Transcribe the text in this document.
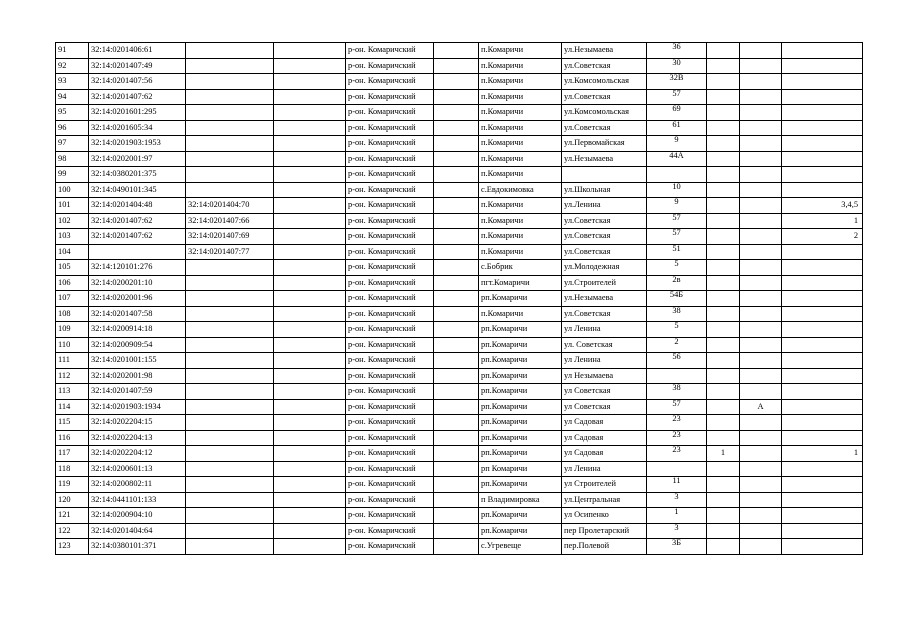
91	32:14:0201406:61			р-он. Комаричский		п.Комаричи	ул.Незымаева	36			
92	32:14:0201407:49			р-он. Комаричский		п.Комаричи	ул.Советская	30			
93	32:14:0201407:56			р-он. Комаричский		п.Комаричи	ул.Комсомольская	32В			
94	32:14:0201407:62			р-он. Комаричский		п.Комаричи	ул.Советская	57			
95	32:14:0201601:295			р-он. Комаричский		п.Комаричи	ул.Комсомольская	69			
96	32:14:0201605:34			р-он. Комаричский		п.Комаричи	ул.Советская	61			
97	32:14:0201903:1953			р-он. Комаричский		п.Комаричи	ул.Первомайская	9			
98	32:14:0202001:97			р-он. Комаричский		п.Комаричи	ул.Незымаева	44А			
99	32:14:0380201:375			р-он. Комаричский		п.Комаричи					
100	32:14:0490101:345			р-он. Комаричский		с.Евдокимовка	ул.Школьная	10			
101	32:14:0201404:48	32:14:0201404:70		р-он. Комаричский		п.Комаричи	ул.Ленина	9			3,4,5
102	32:14:0201407:62	32:14:0201407:66		р-он. Комаричский		п.Комаричи	ул.Советская	57			1
103	32:14:0201407:62	32:14:0201407:69		р-он. Комаричский		п.Комаричи	ул.Советская	57			2
104		32:14:0201407:77		р-он. Комаричский		п.Комаричи	ул.Советская	51			
105	32:14:120101:276			р-он. Комаричский		с.Бобрик	ул.Молодежная	5			
106	32:14:0200201:10			р-он. Комаричский		пгт.Комаричи	ул.Строителей	2в			
107	32:14:0202001:96			р-он. Комаричский		рп.Комаричи	ул.Незымаева	54Б			
108	32:14:0201407:58			р-он. Комаричский		п.Комаричи	ул.Советская	38			
109	32:14:0200914:18			р-он. Комаричский		рп.Комаричи	ул Ленина	5			
110	32:14:0200909:54			р-он. Комаричский		рп.Комаричи	ул. Советская	2			
111	32:14:0201001:155			р-он. Комаричский		рп.Комаричи	ул Ленина	56			
112	32:14:0202001:98			р-он. Комаричский		рп.Комаричи	ул Незымаева				
113	32:14:0201407:59			р-он. Комаричский		рп.Комаричи	ул Советская	38			
114	32:14:0201903:1934			р-он. Комаричский		рп.Комаричи	ул Советская	57		А	
115	32:14:0202204:15			р-он. Комаричский		рп.Комаричи	ул Садовая	23			
116	32:14:0202204:13			р-он. Комаричский		рп.Комаричи	ул Садовая	23			
117	32:14:0202204:12			р-он. Комаричский		рп.Комаричи	ул Садовая	23	1		1
118	32:14:0200601:13			р-он. Комаричский		рп Комаричи	ул Ленина				
119	32:14:0200802:11			р-он. Комаричский		рп.Комаричи	ул Строителей	11			
120	32:14:0441101:133			р-он. Комаричский		п Владимировка	ул.Центральная	3			
121	32:14:0200904:10			р-он. Комаричский		рп.Комаричи	ул Осипенко	1			
122	32:14:0201404:64			р-он. Комаричский		рп.Комаричи	пер Пролетарский	3			
123	32:14:0380101:371			р-он. Комаричский		с.Угревеще	пер.Полевой	3Б			
